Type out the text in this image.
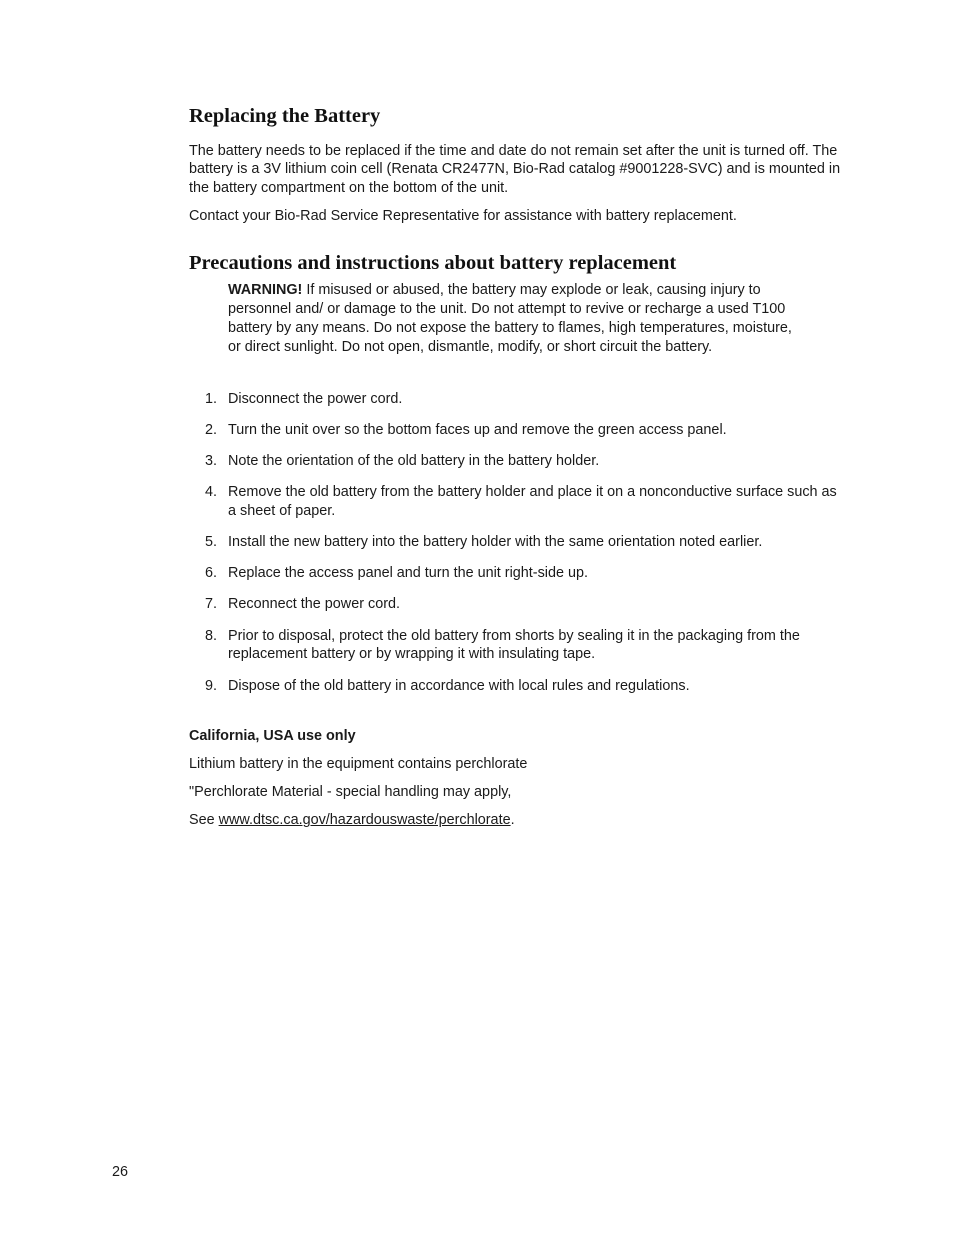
Replacing the Battery

The battery needs to be replaced if the time and date do not remain set after the unit is turned off. The battery is a 3V lithium coin cell (Renata CR2477N, Bio-Rad catalog #9001228-SVC) and is mounted in the battery compartment on the bottom of the unit.

Contact your Bio-Rad Service Representative for assistance with battery replacement.

Precautions and instructions about battery replacement
WARNING! If misused or abused, the battery may explode or leak, causing injury to personnel and/ or damage to the unit. Do not attempt to revive or recharge a used T100 battery by any means. Do not expose the battery to flames, high temperatures, moisture, or direct sunlight. Do not open, dismantle, modify, or short circuit the battery.
1. Disconnect the power cord.
2. Turn the unit over so the bottom faces up and remove the green access panel.
3. Note the orientation of the old battery in the battery holder.
4. Remove the old battery from the battery holder and place it on a nonconductive surface such as a sheet of paper.
5. Install the new battery into the battery holder with the same orientation noted earlier.
6. Replace the access panel and turn the unit right-side up.
7. Reconnect the power cord.
8. Prior to disposal, protect the old battery from shorts by sealing it in the packaging from the replacement battery or by wrapping it with insulating tape.
9. Dispose of the old battery in accordance with local rules and regulations.
California, USA use only

Lithium battery in the equipment contains perchlorate

"Perchlorate Material - special handling may apply,

See www.dtsc.ca.gov/hazardouswaste/perchlorate.

26
